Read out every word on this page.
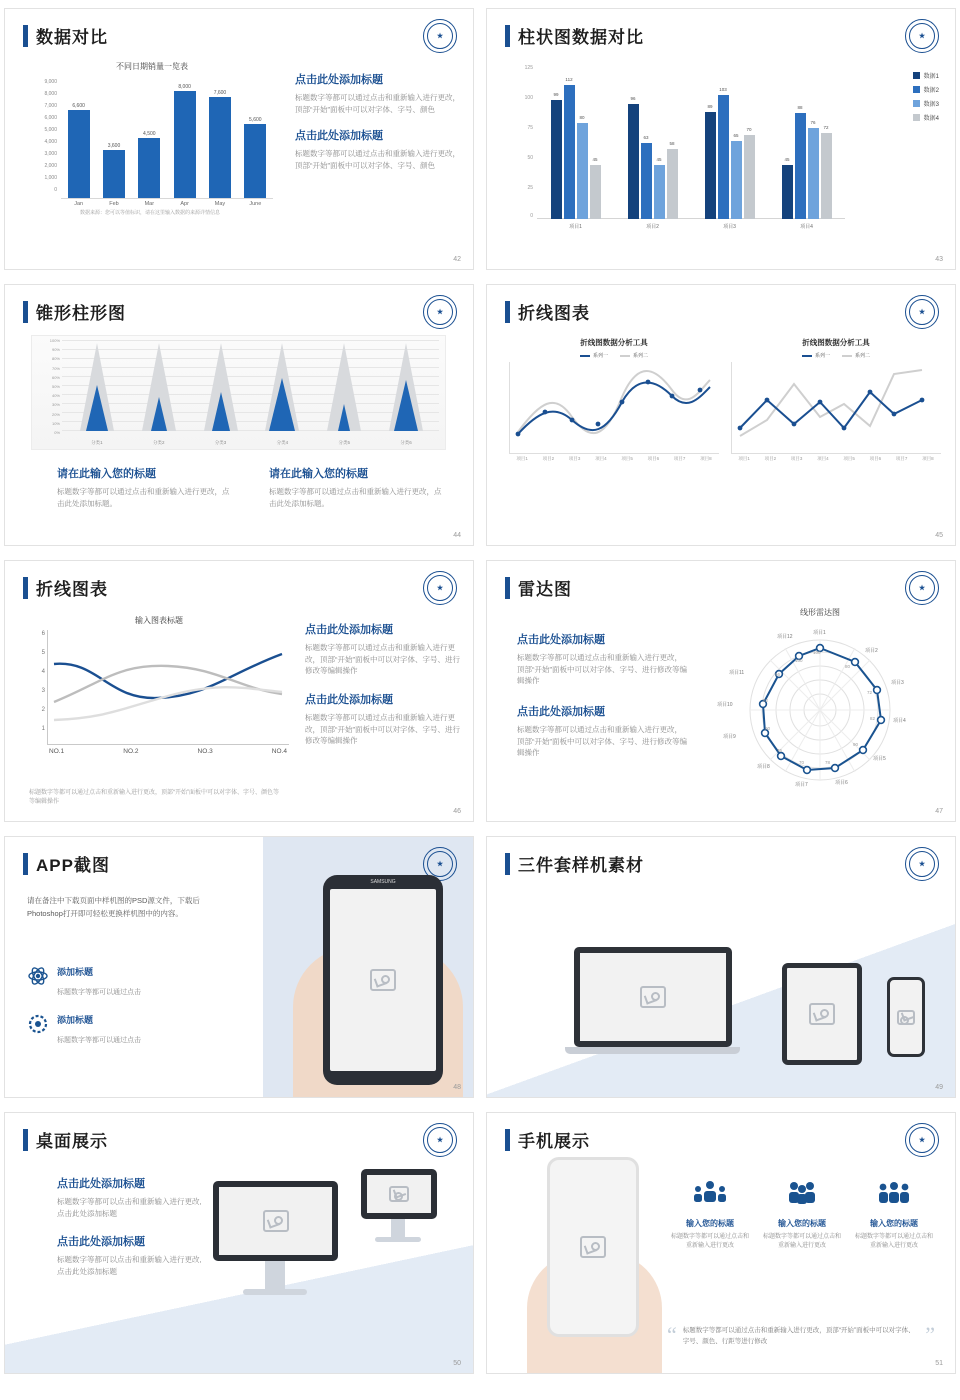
数据对比	★
不同日期销量一览表
9,000
8,000
7,000
6,000
5,000
4,000
3,000
2,000
1,000
0
6,600
3,600
4,500
8,000
7,600
5,600
Jan	Feb	Mar	Apr	May	June
数据来源：您可以等值标识，请在这里输入数据的来源详情信息
点击此处添加标题
标题数字等都可以通过点击和重新输入进行更改，顶部“开始”面板中可以对字体、字号、颜色
点击此处添加标题
标题数字等都可以通过点击和重新输入进行更改，顶部“开始”面板中可以对字体、字号、颜色
42
柱状图数据对比	★
125
100
75
50
25
0
99
112
80
45
96
63
45
58
89
103
65
70
45
88
76
72
项目1	项目2	项目3	项目4
数据1
数据2
数据3
数据4
43
锥形柱形图	★
100%
90%
80%
70%
60%
50%
40%
30%
20%
10%
0%
分类1	分类2	分类3	分类4	分类5	分类6
请在此输入您的标题
标题数字等都可以通过点击和重新输入进行更改，点击此处添加标题。
请在此输入您的标题
标题数字等都可以通过点击和重新输入进行更改，点击此处添加标题。
44
折线图表	★
折线图数据分析工具
系列一	系列二
项目1	项目2	项目3	项目4	项目5	项目6	项目7	项目8
折线图数据分析工具
系列一	系列二
项目1	项目2	项目3	项目4	项目5	项目6	项目7	项目8
45
折线图表	★
输入图表标题
6
5
4
3
2
1
NO.1	NO.2	NO.3	NO.4
标题数字等都可以通过点击和重新输入进行更改，顶部“开始”面板中可以对字体、字号、颜色等等编辑操作
点击此处添加标题
标题数字等都可以通过点击和重新输入进行更改，顶部“开始”面板中可以对字体、字号、进行修改等编辑操作
点击此处添加标题
标题数字等都可以通过点击和重新输入进行更改，顶部“开始”面板中可以对字体、字号、进行修改等编辑操作
46
雷达图	★
点击此处添加标题
标题数字等都可以通过点击和重新输入进行更改，顶部“开始”面板中可以对字体、字号、进行修改等编辑操作
点击此处添加标题
标题数字等都可以通过点击和重新输入进行更改，顶部“开始”面板中可以对字体、字号、进行修改等编辑操作
线形雷达图
项目1
项目2
项目3
项目4
项目5
项目6
项目7
项目8
项目9
项目10
项目11
项目12
100
80
72
82
90
78
70
76
90
82
66
100
47
APP截图	★
请在备注中下载页面中样机图的PSD源文件，下载后Photoshop打开即可轻松更换样机图中的内容。
添加标题
标题数字等都可以通过点击
添加标题
标题数字等都可以通过点击
SAMSUNG
48
三件套样机素材	★
49
桌面展示	★
点击此处添加标题
标题数字等都可以点击和重新输入进行更改,点击此处添加标题
点击此处添加标题
标题数字等都可以点击和重新输入进行更改,点击此处添加标题
50
手机展示	★
输入您的标题
标题数字等都可以通过点击和重新输入进行更改
输入您的标题
标题数字等都可以通过点击和重新输入进行更改
输入您的标题
标题数字等都可以通过点击和重新输入进行更改
“ 标题数字等都可以通过点击和重新输入进行更改，顶部“开始”面板中可以对字体、字号、颜色、行距等进行修改	”
51
